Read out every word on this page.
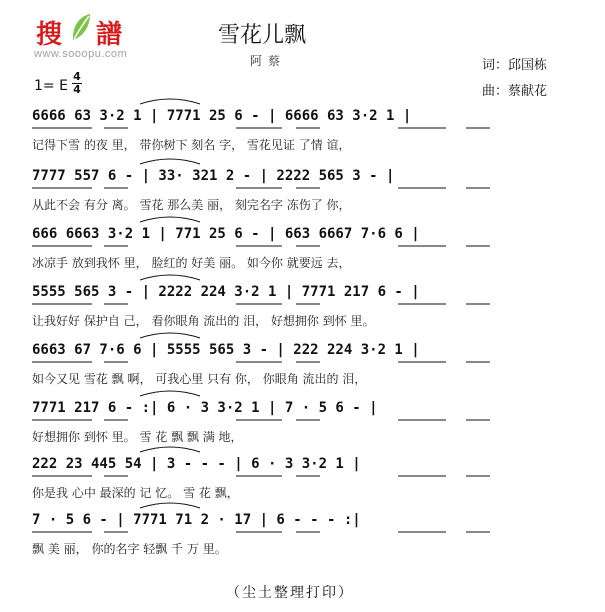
搜 譜
www.sooopu.com
雪花儿飘
阿蔡	词：邱国栋
曲：蔡献花
1= E
4
4
6666 63 3·2 1 | 7771 25 6 - | 6666 63 3·2 1 |
记得下雪 的夜 里， 带你树下 刻名 字， 雪花见证 了情 谊，
7777 557 6 - | 33· 321 2 - | 2222 565 3 - |
从此不会 有分 离。 雪花 那么美 丽， 刻完名字 冻伤了 你，
666 6663 3·2 1 | 771 25 6 - | 663 6667 7·6 6 |
冰凉手 放到我怀 里， 脸红的 好美 丽。 如今你 就要远 去，
5555 565 3 - | 2222 224 3·2 1 | 7771 217 6 - |
让我好好 保护自 己， 看你眼角 流出的 泪， 好想拥你 到怀 里。
6663 67 7·6 6 | 5555 565 3 - | 222 224 3·2 1 |
如今又见 雪花 飘 啊， 可我心里 只有 你， 你眼角 流出的 泪，
7771 217 6 - :| 6 · 3 3·2 1 | 7 · 5 6 - |
好想拥你 到怀 里。 雪 花 飘 飘 满 地，
222 23 445 54 | 3 - - - | 6 · 3 3·2 1 |
你是我 心中 最深的 记 忆。 雪 花 飘，
7 · 5 6 - | 7771 71 2 · 17 | 6 - - - :|
飘 美 丽， 你的名字 轻飘 千 万 里。
（尘土整理打印）
